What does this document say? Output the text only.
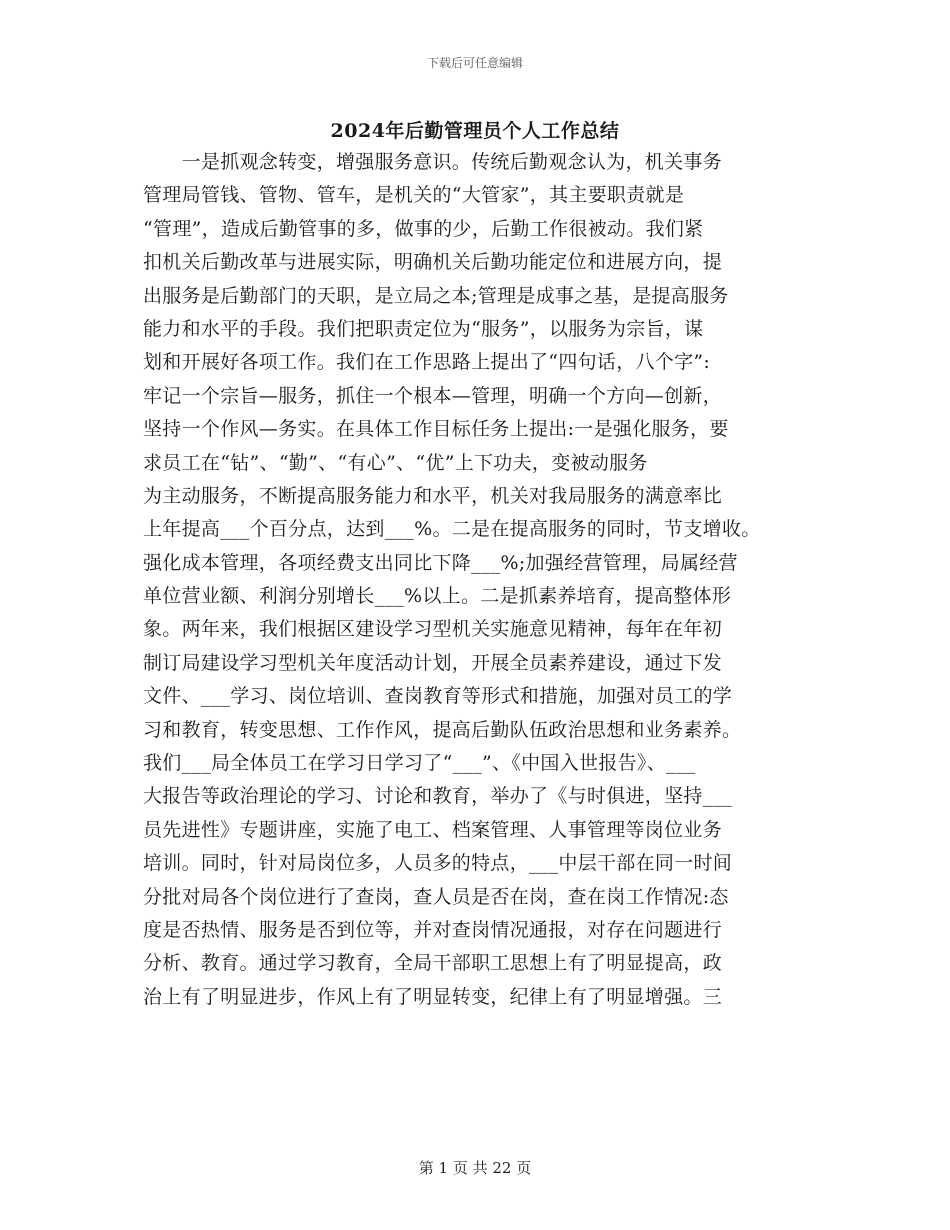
下载后可任意编辑
2024年后勤管理员个人工作总结
　　一是抓观念转变，增强服务意识。传统后勤观念认为，机关事务
管理局管钱、管物、管车，是机关的“大管家”，其主要职责就是
“管理”，造成后勤管事的多，做事的少，后勤工作很被动。我们紧
扣机关后勤改革与进展实际，明确机关后勤功能定位和进展方向，提
出服务是后勤部门的天职，是立局之本;管理是成事之基，是提高服务
能力和水平的手段。我们把职责定位为“服务”，以服务为宗旨，谋
划和开展好各项工作。我们在工作思路上提出了“四句话，八个字”:
牢记一个宗旨—服务，抓住一个根本—管理，明确一个方向—创新，
坚持一个作风—务实。在具体工作目标任务上提出:一是强化服务，要
求员工在“钻”、“勤”、“有心”、“优”上下功夫，变被动服务
为主动服务，不断提高服务能力和水平，机关对我局服务的满意率比
上年提高___个百分点，达到___%。二是在提高服务的同时，节支增收。
强化成本管理，各项经费支出同比下降___%;加强经营管理，局属经营
单位营业额、利润分别增长___%以上。二是抓素养培育，提高整体形
象。两年来，我们根据区建设学习型机关实施意见精神，每年在年初
制订局建设学习型机关年度活动计划，开展全员素养建设，通过下发
文件、___学习、岗位培训、查岗教育等形式和措施，加强对员工的学
习和教育，转变思想、工作作风，提高后勤队伍政治思想和业务素养。
我们___局全体员工在学习日学习了“___”、《中国入世报告》、___
大报告等政治理论的学习、讨论和教育，举办了《与时俱进，坚持___
员先进性》专题讲座，实施了电工、档案管理、人事管理等岗位业务
培训。同时，针对局岗位多，人员多的特点，___中层干部在同一时间
分批对局各个岗位进行了查岗，查人员是否在岗，查在岗工作情况:态
度是否热情、服务是否到位等，并对查岗情况通报，对存在问题进行
分析、教育。通过学习教育，全局干部职工思想上有了明显提高，政
治上有了明显进步，作风上有了明显转变，纪律上有了明显增强。三
第 1 页 共 22 页
